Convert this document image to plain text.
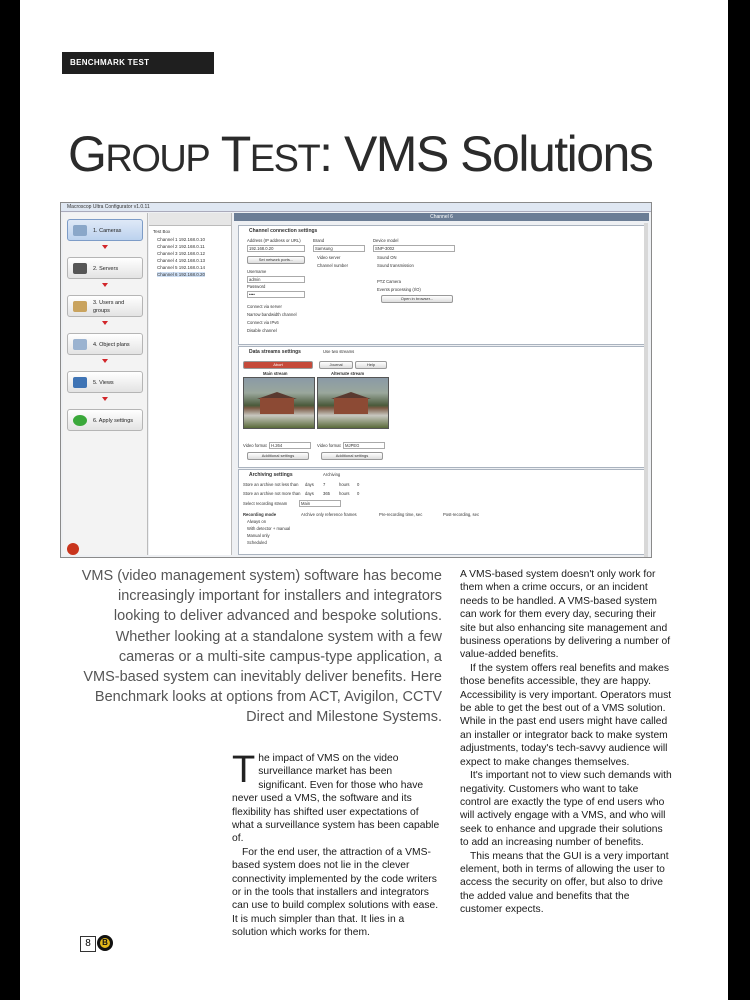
BENCHMARK TEST
GROUP TEST: VMS Solutions
Macroscop Ultra Configurator v1.0.11
1. Cameras
2. Servers
3. Users and groups
4. Object plans
5. Views
6. Apply settings
Test Box
Channel 1 192.168.0.10
Channel 2 192.168.0.11
Channel 3 192.168.0.12
Channel 4 192.168.0.13
Channel 5 192.168.0.14
Channel 6 192.168.0.20
Channel 6
Channel connection settings
Address (IP address or URL)
192.168.0.20
Brand
Samsung
Device model
SNP-3002
Set network ports...	Video server
Channel number
Sound ON
Sound transmission
Username
admin
Password
••••
PTZ Camera
Events processing (I/O)
Open in browser...
Connect via server
Narrow bandwidth channel
Connect via IPv6
Disable channel
Data streams settings	Use two streams
Abort	Journal	Help
Main stream	Alternate stream
Video format H.264	Video format MJPEG
Additional settings	Additional settings
Archiving settings	Archiving
Store an archive not less than days 7	hours 0
Store an archive not more than days 365 hours 0
Select recording stream	Main
Recording mode
Always on
With detector + manual
Manual only
Scheduled
Archive only reference frames	Pre-recording time, sec	Post-recording, sec
VMS (video management system) software has become increasingly important for installers and integrators looking to deliver advanced and bespoke solutions. Whether looking at a standalone system with a few cameras or a multi-site campus-type application, a VMS-based system can inevitably deliver benefits. Here Benchmark looks at options from ACT, Avigilon, CCTV Direct and Milestone Systems.

The impact of VMS on the video surveillance market has been significant. Even for those who have never used a VMS, the software and its flexibility has shifted user expectations of what a surveillance system has been capable of.

For the end user, the attraction of a VMS-based system does not lie in the clever connectivity implemented by the code writers or in the tools that installers and integrators can use to build complex solutions with ease. It is much simpler than that. It lies in a solution which works for them.

A VMS-based system doesn't only work for them when a crime occurs, or an incident needs to be handled. A VMS-based system can work for them every day, securing their site but also enhancing site management and business operations by delivering a number of value-added benefits.

If the system offers real benefits and makes those benefits accessible, they are happy. Accessibility is very important. Operators must be able to get the best out of a VMS solution. While in the past end users might have called an installer or integrator back to make system adjustments, today's tech-savvy audience will expect to make changes themselves.

It's important not to view such demands with negativity. Customers who want to take control are exactly the type of end users who will actively engage with a VMS, and who will seek to enhance and upgrade their solutions to add an increasing number of benefits.

This means that the GUI is a very important element, both in terms of allowing the user to access the security on offer, but also to drive the added value and benefits that the customer expects.

8	B
